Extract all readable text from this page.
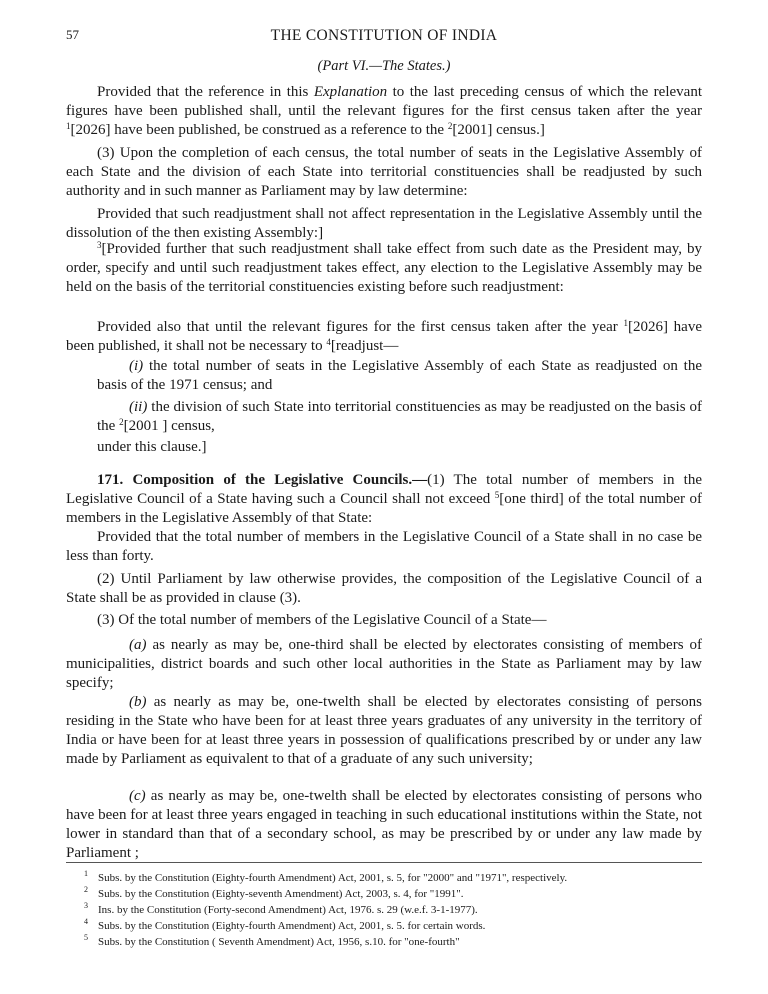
57	THE CONSTITUTION OF INDIA
(Part VI.—The States.)

Provided that the reference in this Explanation to the last preceding census of which the relevant figures have been published shall, until the relevant figures for the first census taken after the year $^1$[2026] have been published, be construed as a reference to the $^2$[2001] census.]

(3) Upon the completion of each census, the total number of seats in the Legislative Assembly of each State and the division of each State into territorial constituencies shall be readjusted by such authority and in such manner as Parliament may by law determine:

Provided that such readjustment shall not affect representation in the Legislative Assembly until the dissolution of the then existing Assembly:]

$^3$[Provided further that such readjustment shall take effect from such date as the President may, by order, specify and until such readjustment takes effect, any election to the Legislative Assembly may be held on the basis of the territorial constituencies existing before such readjustment:

Provided also that until the relevant figures for the first census taken after the year $^1$[2026] have been published, it shall not be necessary to $^4$[readjust—

(i) the total number of seats in the Legislative Assembly of each State as readjusted on the basis of the 1971 census; and

(ii) the division of such State into territorial constituencies as may be readjusted on the basis of the $^2$[2001 ] census,

under this clause.]

171. Composition of the Legislative Councils.—(1) The total number of members in the Legislative Council of a State having such a Council shall not exceed $^5$[one third] of the total number of members in the Legislative Assembly of that State:

Provided that the total number of members in the Legislative Council of a State shall in no case be less than forty.

(2) Until Parliament by law otherwise provides, the composition of the Legislative Council of a State shall be as provided in clause (3).

(3) Of the total number of members of the Legislative Council of a State—

(a) as nearly as may be, one-third shall be elected by electorates consisting of members of municipalities, district boards and such other local authorities in the State as Parliament may by law specify;

(b) as nearly as may be, one-twelth shall be elected by electorates consisting of persons residing in the State who have been for at least three years graduates of any university in the territory of India or have been for at least three years in possession of qualifications prescribed by or under any law made by Parliament as equivalent to that of a graduate of any such university;

(c) as nearly as may be, one-twelth shall be elected by electorates consisting of persons who have been for at least three years engaged in teaching in such educational institutions within the State, not lower in standard than that of a secondary school, as may be prescribed by or under any law made by Parliament ;

1 Subs. by the Constitution (Eighty-fourth Amendment) Act, 2001, s. 5, for "2000" and "1971", respectively.
2 Subs. by the Constitution (Eighty-seventh Amendment) Act, 2003, s. 4, for "1991".
3 Ins. by the Constitution (Forty-second Amendment) Act, 1976. s. 29 (w.e.f. 3-1-1977).
4 Subs. by the Constitution (Eighty-fourth Amendment) Act, 2001, s. 5. for certain words.
5 Subs. by the Constitution ( Seventh Amendment) Act, 1956, s.10. for "one-fourth"
